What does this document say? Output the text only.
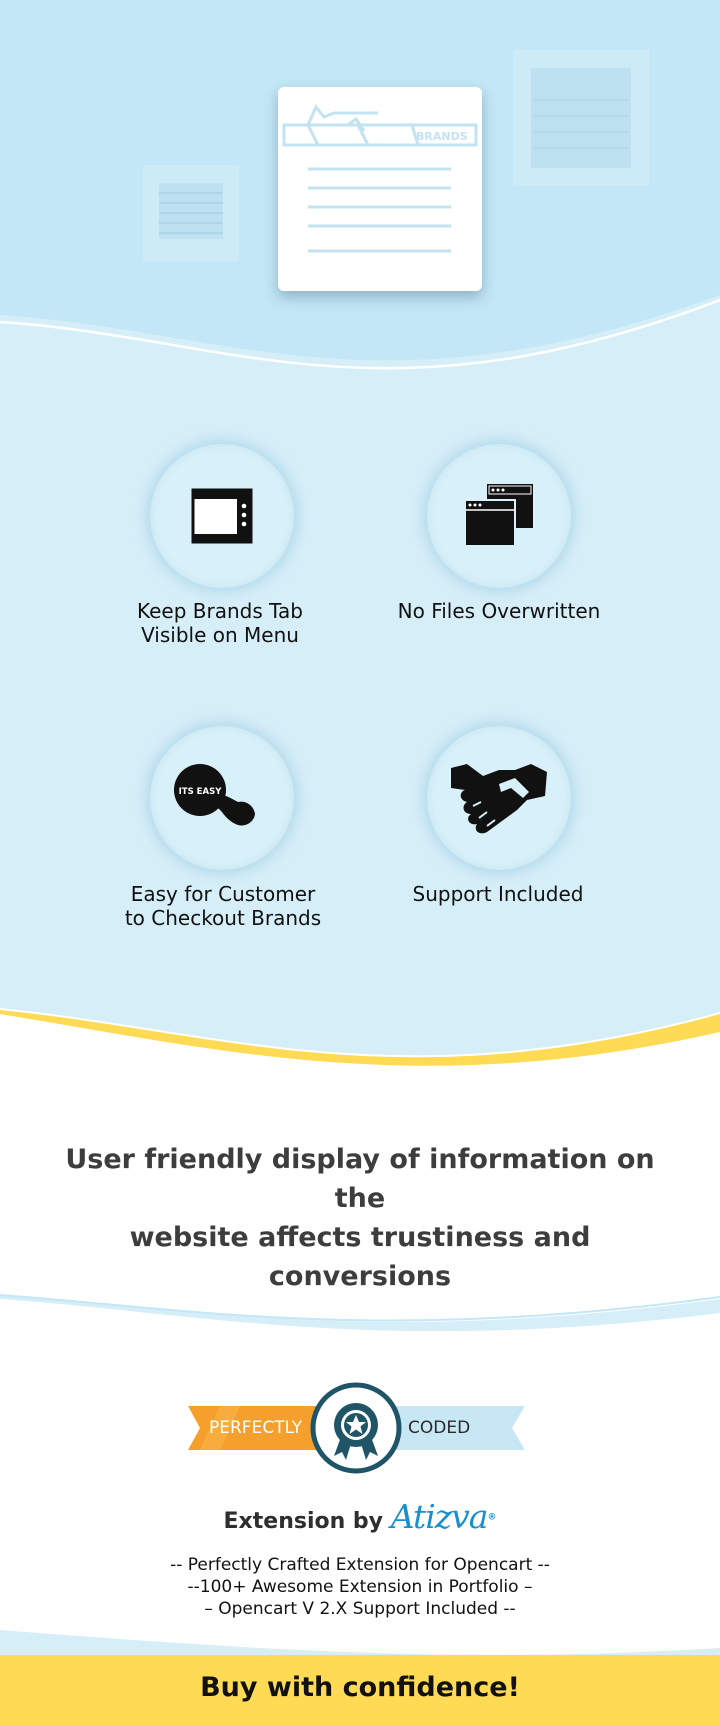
BRANDS
Keep Brands Tab
Visible on Menu
No Files Overwritten
ITS EASY
Easy for Customer
to Checkout Brands
Support Included
User friendly display of information on the
website affects trustiness and conversions
PERFECTLY	CODED
Extension by Atizva®
-- Perfectly Crafted Extension for Opencart --
--100+ Awesome Extension in Portfolio –
– Opencart V 2.X Support Included --
Buy with confidence!
